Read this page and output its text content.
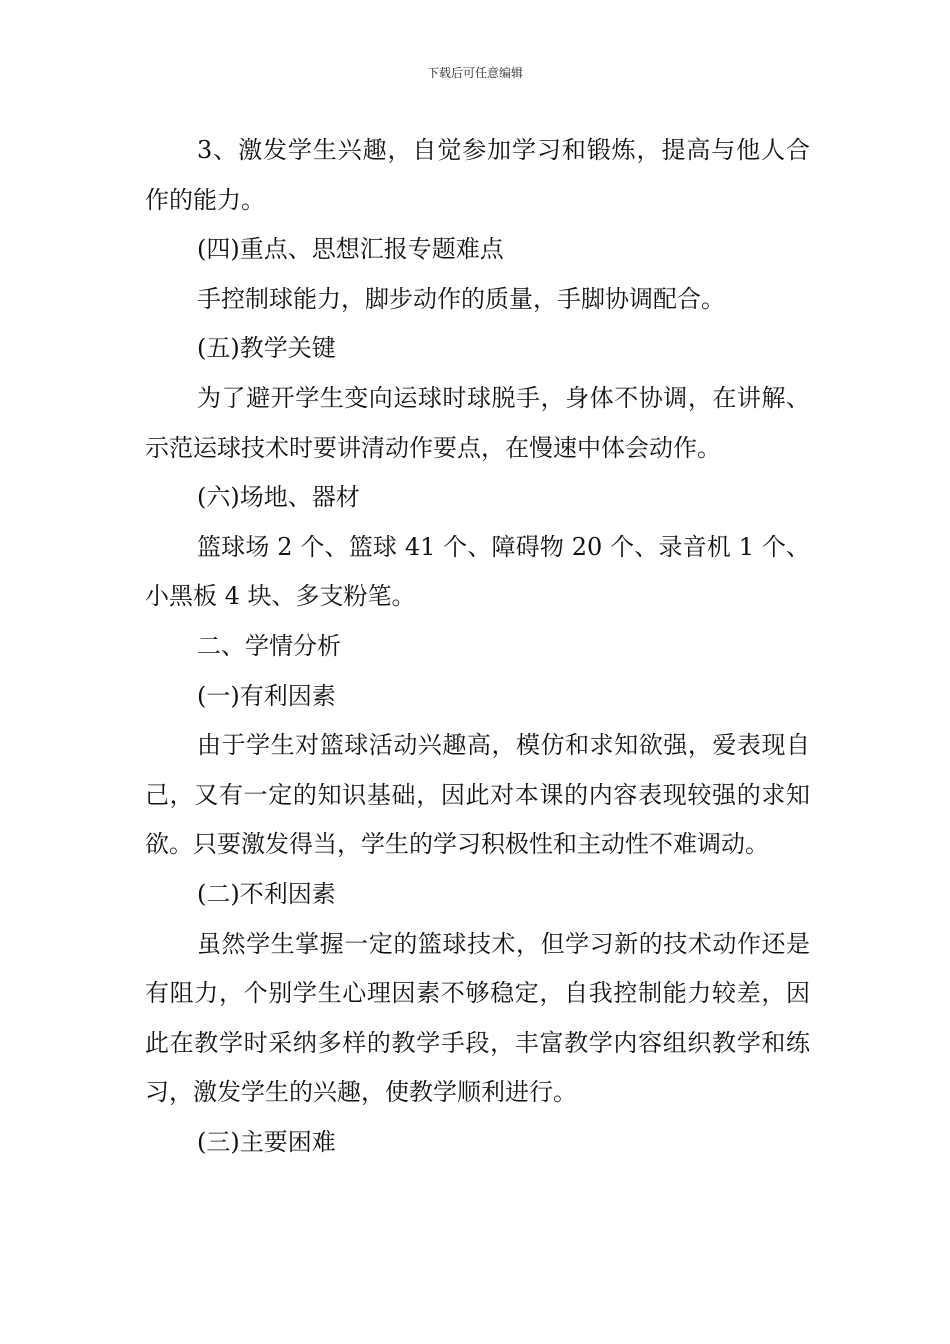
下载后可任意编辑

3、激发学生兴趣，自觉参加学习和锻炼，提高与他人合作的能力。

(四)重点、思想汇报专题难点

手控制球能力，脚步动作的质量，手脚协调配合。

(五)教学关键

为了避开学生变向运球时球脱手，身体不协调，在讲解、示范运球技术时要讲清动作要点，在慢速中体会动作。

(六)场地、器材

篮球场 2 个、篮球 41 个、障碍物 20 个、录音机 1 个、小黑板 4 块、多支粉笔。

二、学情分析

(一)有利因素

由于学生对篮球活动兴趣高，模仿和求知欲强，爱表现自己，又有一定的知识基础，因此对本课的内容表现较强的求知欲。只要激发得当，学生的学习积极性和主动性不难调动。

(二)不利因素

虽然学生掌握一定的篮球技术，但学习新的技术动作还是有阻力，个别学生心理因素不够稳定，自我控制能力较差，因此在教学时采纳多样的教学手段，丰富教学内容组织教学和练习，激发学生的兴趣，使教学顺利进行。

(三)主要困难
